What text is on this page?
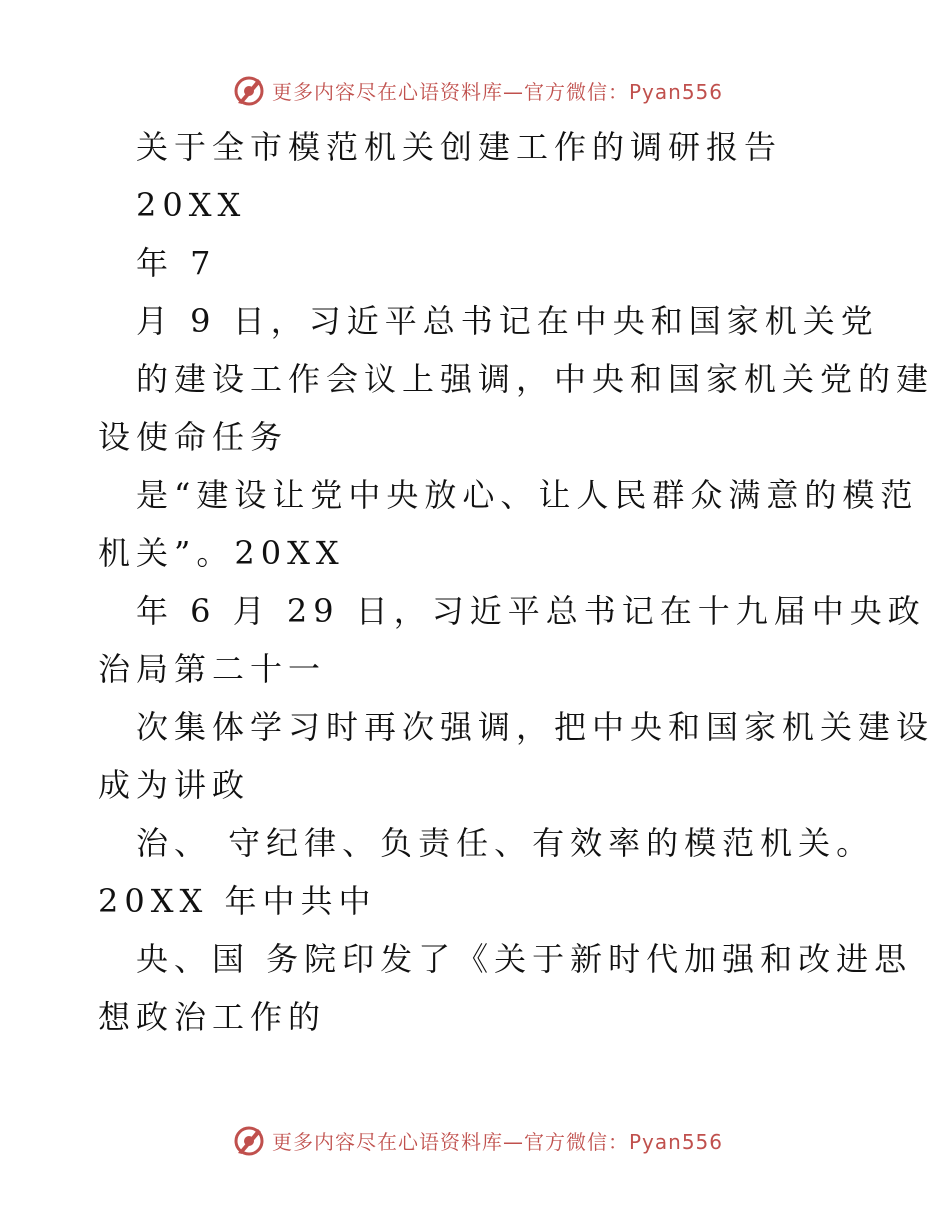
更多内容尽在心语资料库—官方微信：Pyan556
关于全市模范机关创建工作的调研报告
20XX
年 7
月 9 日，习近平总书记在中央和国家机关党
的建设工作会议上强调，中央和国家机关党的建
设使命任务
是“建设让党中央放心、让人民群众满意的模范
机关”。20XX
年 6 月 29 日，习近平总书记在十九届中央政
治局第二十一
次集体学习时再次强调，把中央和国家机关建设
成为讲政
治、 守纪律、负责任、有效率的模范机关。
20XX 年中共中
央、国 务院印发了《关于新时代加强和改进思
想政治工作的
更多内容尽在心语资料库—官方微信：Pyan556
